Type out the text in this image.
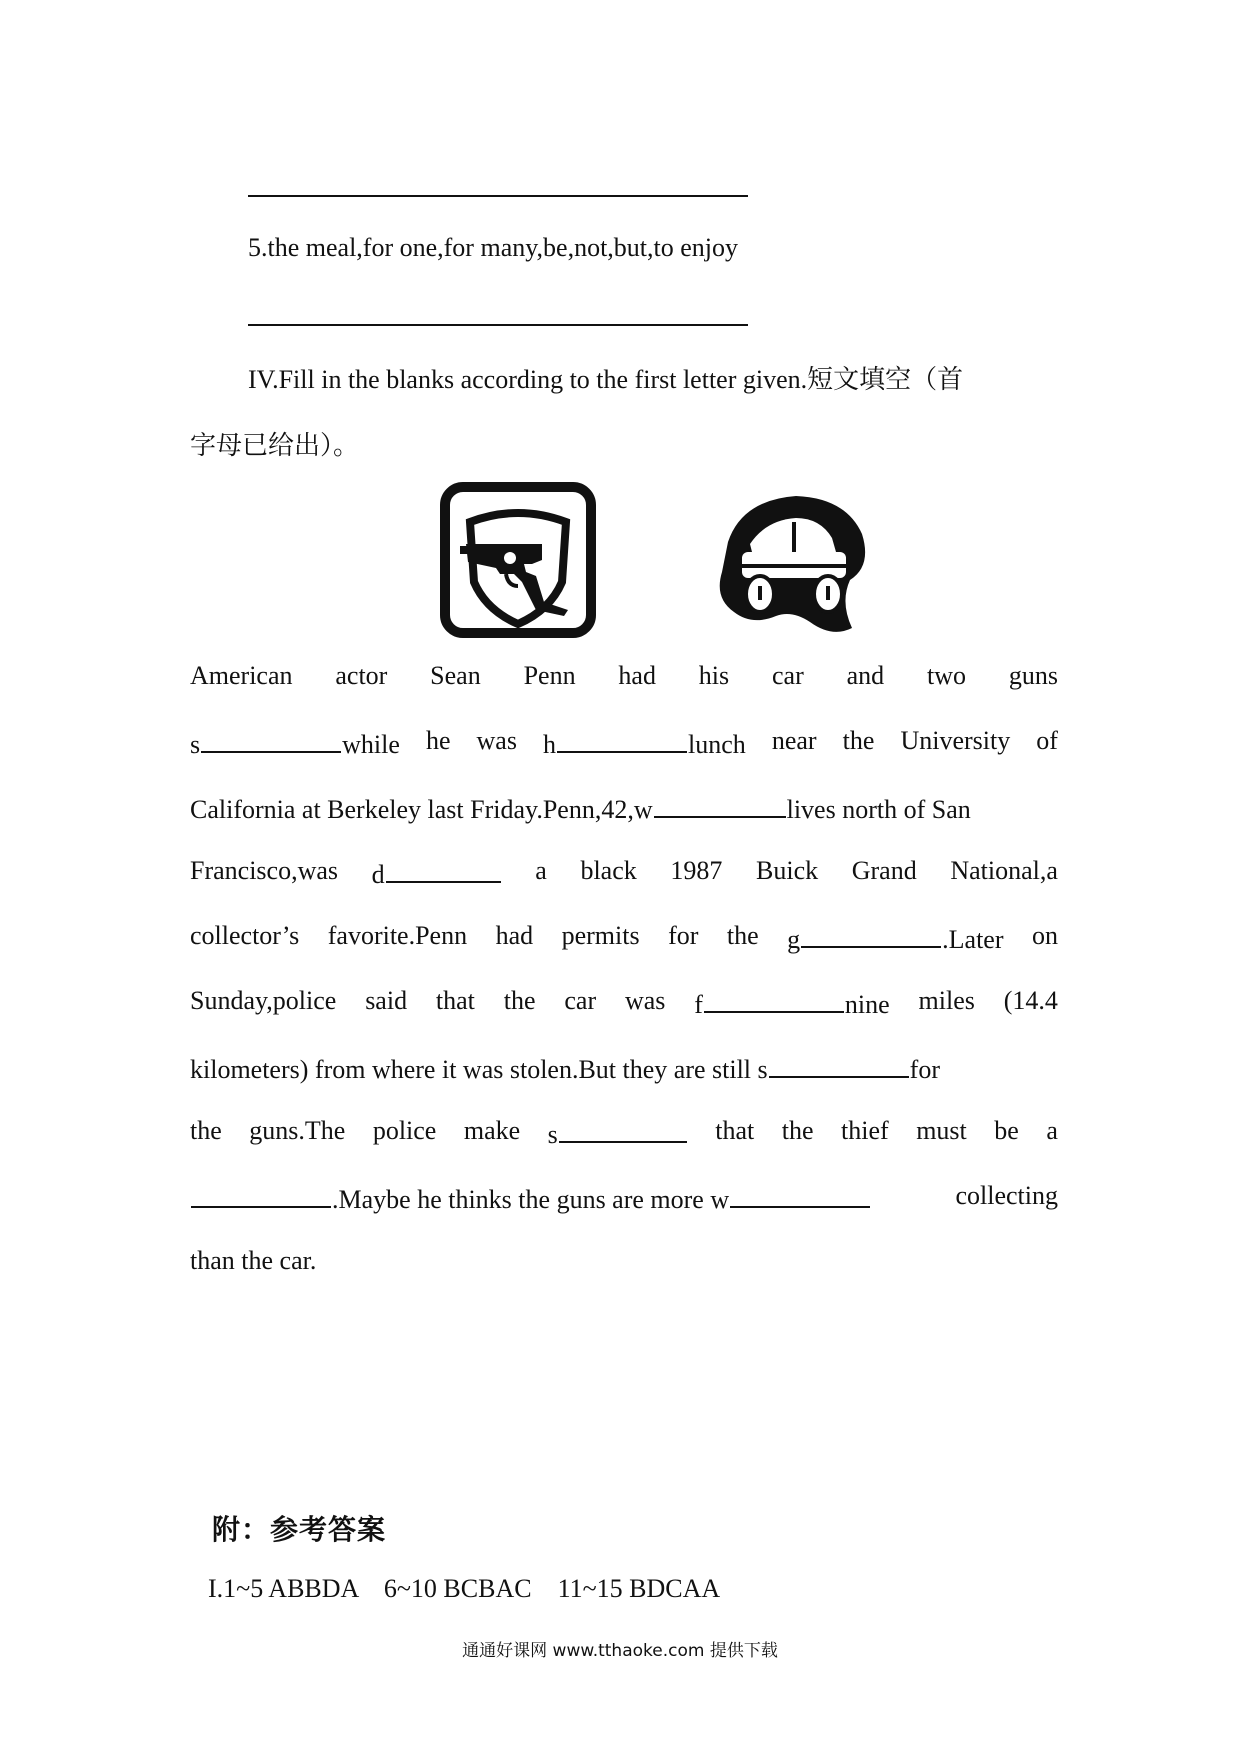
5.the meal,for one,for many,be,not,but,to enjoy
IV.Fill in the blanks according to the first letter given.短文填空（首
字母已给出）。
American actor Sean Penn had his car and two guns
s	while he was h	lunch near the University of
California at Berkeley last Friday.Penn,42,w	lives north of San
Francisco,was d	a black 1987 Buick Grand National,a
collector’s favorite.Penn had permits for the g	.Later on
Sunday,police said that the car was f	nine miles (14.4
kilometers) from where it was stolen.But they are still s	for
the guns.The police make s	that the thief must be a
.Maybe he thinks the guns are more w	collecting
than the car.
附：参考答案
I.1~5 ABBDA    6~10 BCBAC    11~15 BDCAA
通通好课网 www.tthaoke.com 提供下载
